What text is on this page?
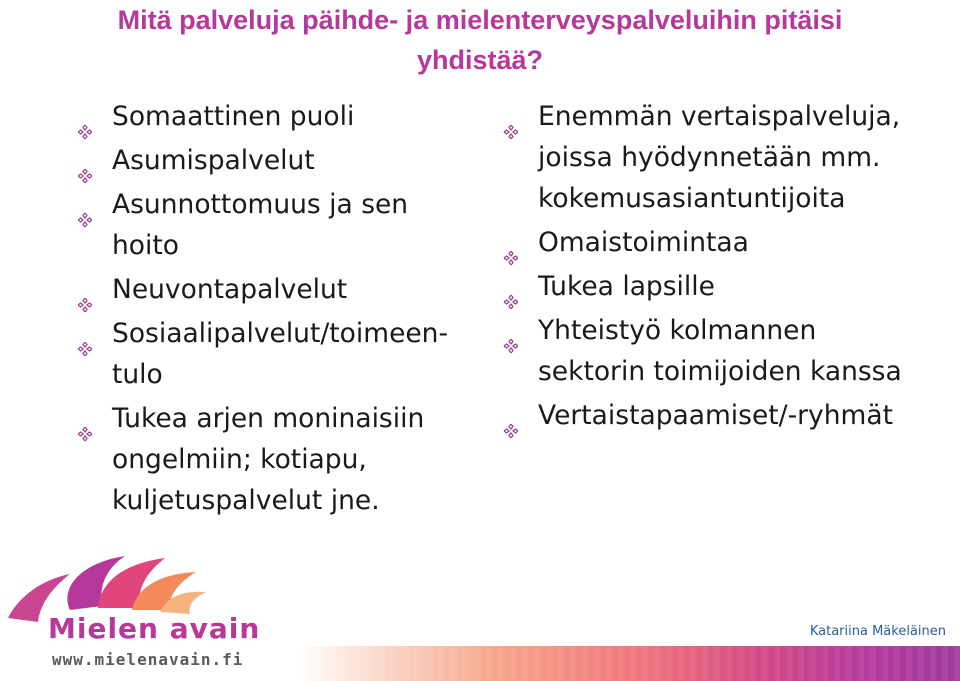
Mitä palveluja päihde- ja mielenterveyspalveluihin pitäisi
yhdistää?
Somaattinen puoli
Asumispalvelut
Asunnottomuus ja sen hoito
Neuvontapalvelut
Sosiaalipalvelut/toimeen-tulo
Tukea arjen moninaisiin ongelmiin; kotiapu, kuljetuspalvelut jne.
Enemmän vertaispalveluja, joissa hyödynnetään mm. kokemusasiantuntijoita
Omaistoimintaa
Tukea lapsille
Yhteistyö kolmannen sektorin toimijoiden kanssa
Vertaistapaamiset/-ryhmät
Mielen avain
www.mielenavain.fi
Katariina Mäkeläinen
